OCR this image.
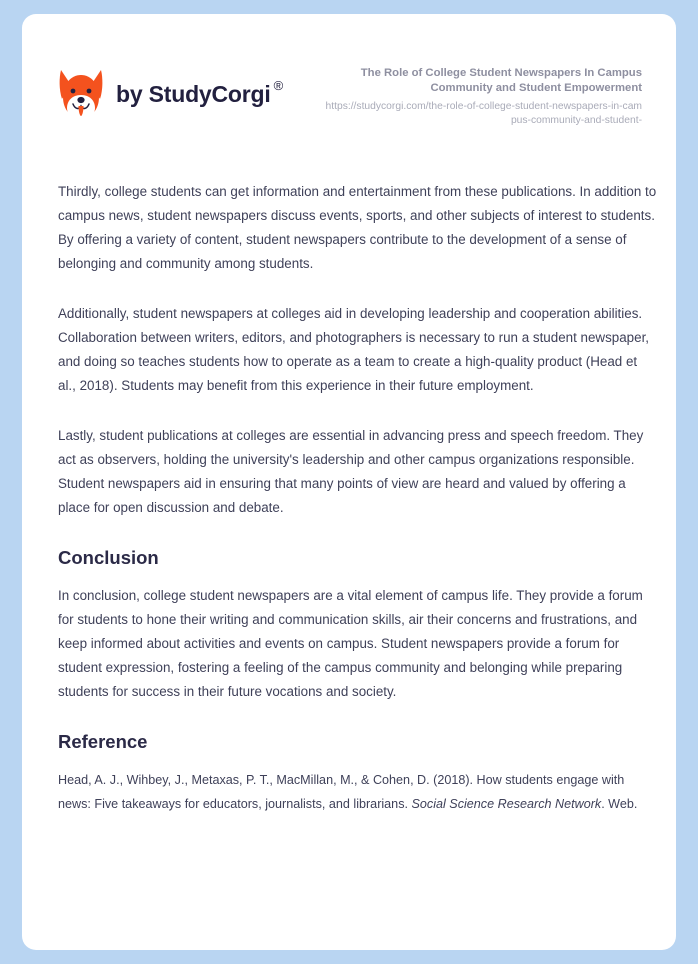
by StudyCorgi ®

The Role of College Student Newspapers In Campus Community and Student Empowerment

https://studycorgi.com/the-role-of-college-student-newspapers-in-campus-community-and-student-

Thirdly, college students can get information and entertainment from these publications. In addition to campus news, student newspapers discuss events, sports, and other subjects of interest to students. By offering a variety of content, student newspapers contribute to the development of a sense of belonging and community among students.

Additionally, student newspapers at colleges aid in developing leadership and cooperation abilities. Collaboration between writers, editors, and photographers is necessary to run a student newspaper, and doing so teaches students how to operate as a team to create a high-quality product (Head et al., 2018). Students may benefit from this experience in their future employment.

Lastly, student publications at colleges are essential in advancing press and speech freedom. They act as observers, holding the university's leadership and other campus organizations responsible. Student newspapers aid in ensuring that many points of view are heard and valued by offering a place for open discussion and debate.

Conclusion

In conclusion, college student newspapers are a vital element of campus life. They provide a forum for students to hone their writing and communication skills, air their concerns and frustrations, and keep informed about activities and events on campus. Student newspapers provide a forum for student expression, fostering a feeling of the campus community and belonging while preparing students for success in their future vocations and society.

Reference

Head, A. J., Wihbey, J., Metaxas, P. T., MacMillan, M., & Cohen, D. (2018). How students engage with news: Five takeaways for educators, journalists, and librarians. Social Science Research Network. Web.
